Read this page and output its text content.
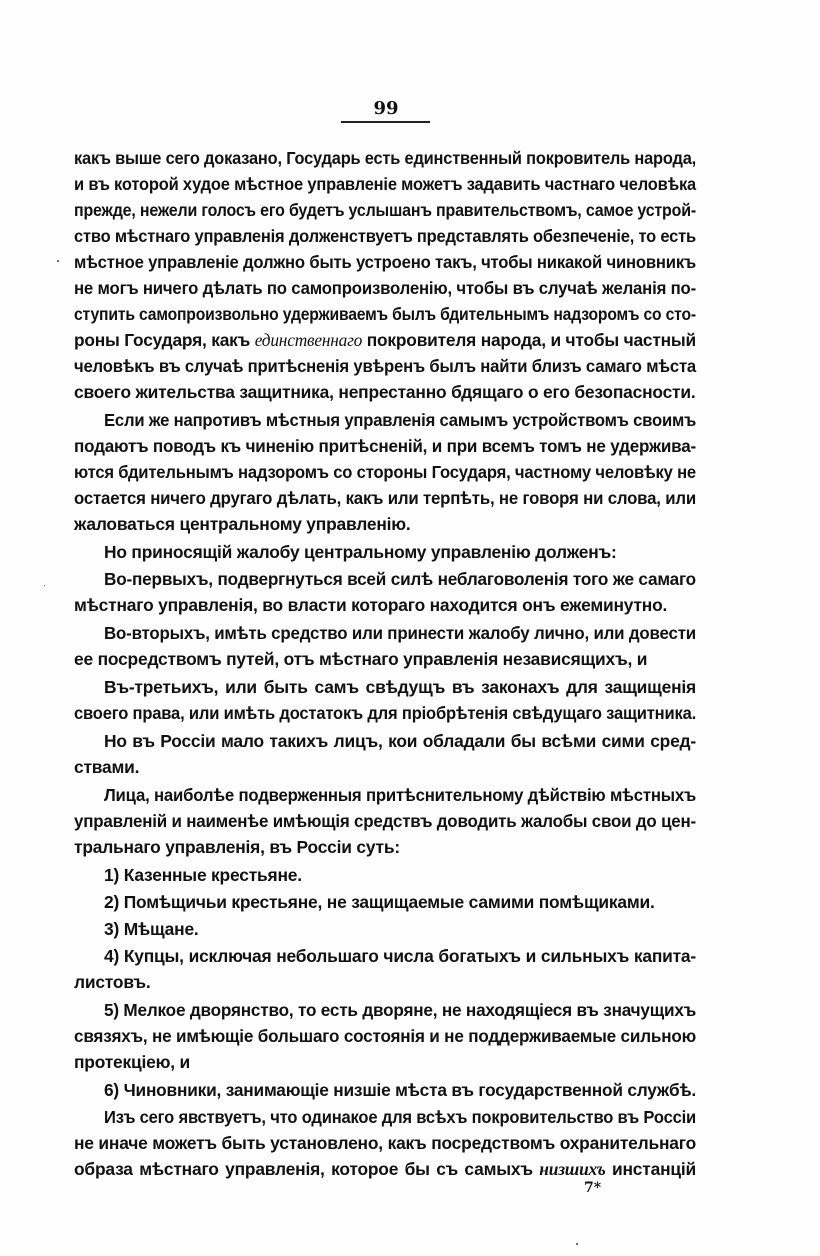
99
какъ выше сего доказано, Государь есть единственный покровитель народа,
и въ которой худое мѣстное управленіе можетъ задавить частнаго человѣка
прежде, нежели голосъ его будетъ услышанъ правительствомъ, самое устрой-
ство мѣстнаго управленія долженствуетъ представлять обезпеченіе, то есть
мѣстное управленіе должно быть устроено такъ, чтобы никакой чиновникъ
не могъ ничего дѣлать по самопроизволенію, чтобы въ случаѣ желанія по-
ступить самопроизвольно удерживаемъ былъ бдительнымъ надзоромъ со сто-
роны Государя, какъ единственнаго покровителя народа, и чтобы частный
человѣкъ въ случаѣ притѣсненія увѣренъ былъ найти близъ самаго мѣста
своего жительства защитника, непрестанно бдящаго о его безопасности.
Если же напротивъ мѣстныя управленія самымъ устройствомъ своимъ
подаютъ поводъ къ чиненію притѣсненій, и при всемъ томъ не удержива-
ются бдительнымъ надзоромъ со стороны Государя, частному человѣку не
остается ничего другаго дѣлать, какъ или терпѣть, не говоря ни слова, или
жаловаться центральному управленію.
Но приносящій жалобу центральному управленію долженъ:
Во-первыхъ, подвергнуться всей силѣ неблаговоленія того же самаго
мѣстнаго управленія, во власти котораго находится онъ ежеминутно.
Во-вторыхъ, имѣть средство или принести жалобу лично, или довести
ее посредствомъ путей, отъ мѣстнаго управленія независящихъ, и
Въ-третьихъ, или быть самъ свѣдущъ въ законахъ для защищенія
своего права, или имѣть достатокъ для пріобрѣтенія свѣдущаго защитника.
Но въ Россіи мало такихъ лицъ, кои обладали бы всѣми сими сред-
ствами.
Лица, наиболѣе подверженныя притѣснительному дѣйствію мѣстныхъ
управленій и наименѣе имѣющія средствъ доводить жалобы свои до цен-
тральнаго управленія, въ Россіи суть:
1) Казенные крестьяне.
2) Помѣщичьи крестьяне, не защищаемые самими помѣщиками.
3) Мѣщане.
4) Купцы, исключая небольшаго числа богатыхъ и сильныхъ капита-
листовъ.
5) Мелкое дворянство, то есть дворяне, не находящіеся въ значущихъ
связяхъ, не имѣющіе большаго состоянія и не поддерживаемые сильною
протекціею, и
6) Чиновники, занимающіе низшіе мѣста въ государственной службѣ.
Изъ сего явствуетъ, что одинакое для всѣхъ покровительство въ Россіи
не иначе можетъ быть установлено, какъ посредствомъ охранительнаго
образа мѣстнаго управленія, которое бы съ самыхъ низшихъ инстанцій
7*
